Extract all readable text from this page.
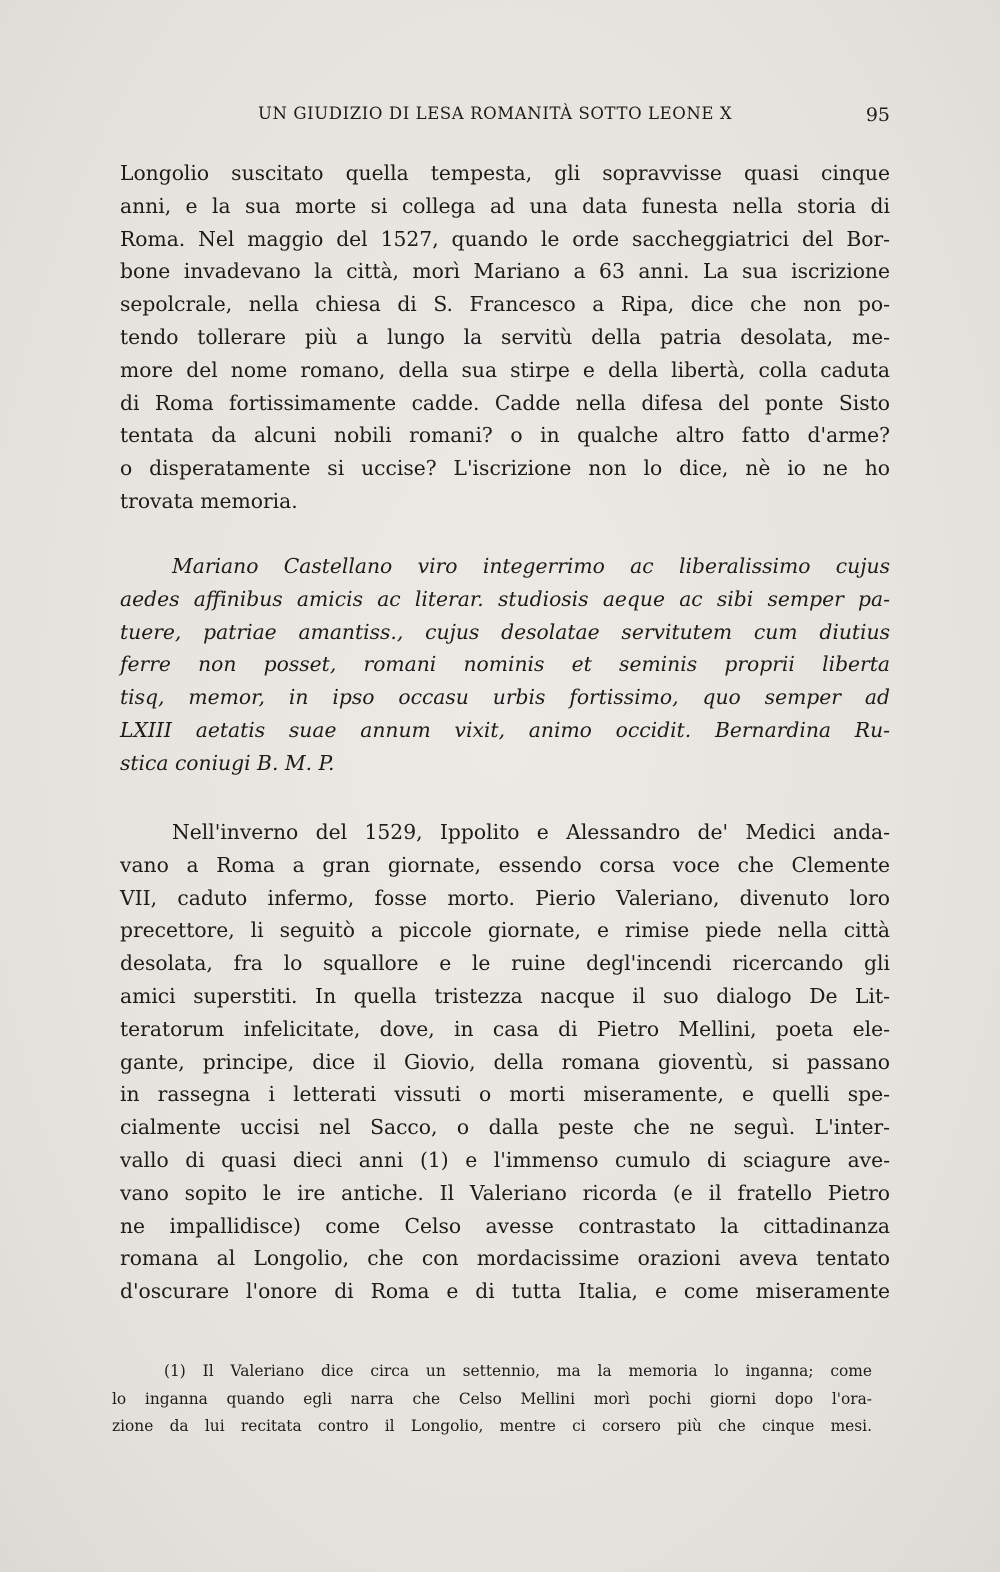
UN GIUDIZIO DI LESA ROMANITÀ SOTTO LEONE X	95
Longolio suscitato quella tempesta, gli sopravvisse quasi cinque
anni, e la sua morte si collega ad una data funesta nella storia di
Roma. Nel maggio del 1527, quando le orde saccheggiatrici del Bor-
bone invadevano la città, morì Mariano a 63 anni. La sua iscrizione
sepolcrale, nella chiesa di S. Francesco a Ripa, dice che non po-
tendo tollerare più a lungo la servitù della patria desolata, me-
more del nome romano, della sua stirpe e della libertà, colla caduta
di Roma fortissimamente cadde. Cadde nella difesa del ponte Sisto
tentata da alcuni nobili romani? o in qualche altro fatto d'arme?
o disperatamente si uccise? L'iscrizione non lo dice, nè io ne ho
trovata memoria.
Mariano Castellano viro integerrimo ac liberalissimo cujus
aedes affinibus amicis ac literar. studiosis aeque ac sibi semper pa-
tuere, patriae amantiss., cujus desolatae servitutem cum diutius
ferre non posset, romani nominis et seminis proprii liberta
tisq, memor, in ipso occasu urbis fortissimo, quo semper ad
LXIII aetatis suae annum vixit, animo occidit. Bernardina Ru-
stica coniugi B. M. P.
Nell'inverno del 1529, Ippolito e Alessandro de' Medici anda-
vano a Roma a gran giornate, essendo corsa voce che Clemente
VII, caduto infermo, fosse morto. Pierio Valeriano, divenuto loro
precettore, li seguitò a piccole giornate, e rimise piede nella città
desolata, fra lo squallore e le ruine degl'incendi ricercando gli
amici superstiti. In quella tristezza nacque il suo dialogo De Lit-
teratorum infelicitate, dove, in casa di Pietro Mellini, poeta ele-
gante, principe, dice il Giovio, della romana gioventù, si passano
in rassegna i letterati vissuti o morti miseramente, e quelli spe-
cialmente uccisi nel Sacco, o dalla peste che ne seguì. L'inter-
vallo di quasi dieci anni (1) e l'immenso cumulo di sciagure ave-
vano sopito le ire antiche. Il Valeriano ricorda (e il fratello Pietro
ne impallidisce) come Celso avesse contrastato la cittadinanza
romana al Longolio, che con mordacissime orazioni aveva tentato
d'oscurare l'onore di Roma e di tutta Italia, e come miseramente
(1) Il Valeriano dice circa un settennio, ma la memoria lo inganna; come
lo inganna quando egli narra che Celso Mellini morì pochi giorni dopo l'ora-
zione da lui recitata contro il Longolio, mentre ci corsero più che cinque mesi.
